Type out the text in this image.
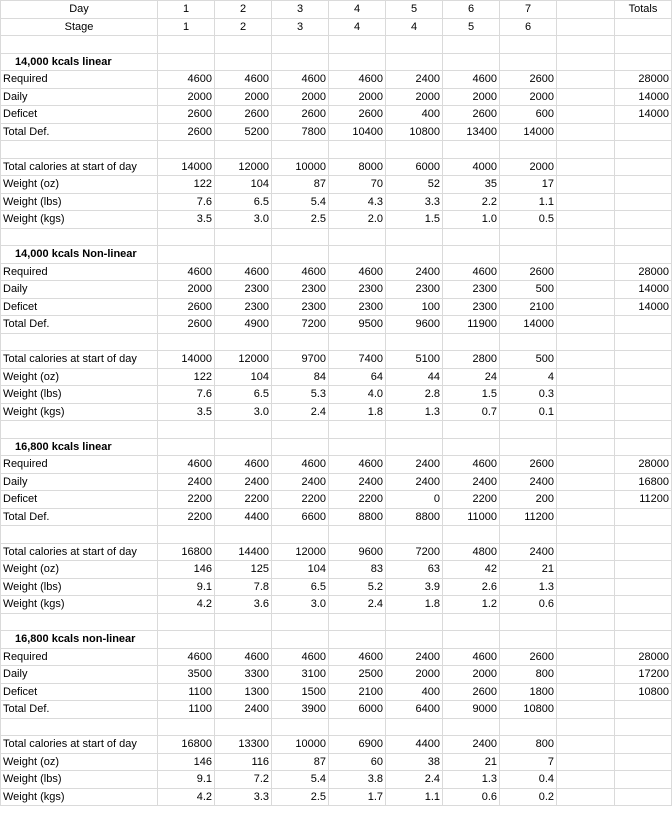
Day	1	2	3	4	5	6	7		Totals
Stage	1	2	3	4	4	5	6		

14,000 kcals linear									
Required	4600	4600	4600	4600	2400	4600	2600		28000
Daily	2000	2000	2000	2000	2000	2000	2000		14000
Deficet	2600	2600	2600	2600	400	2600	600		14000
Total Def.	2600	5200	7800	10400	10800	13400	14000		

Total calories at start of day	14000	12000	10000	8000	6000	4000	2000		
Weight (oz)	122	104	87	70	52	35	17		
Weight (lbs)	7.6	6.5	5.4	4.3	3.3	2.2	1.1		
Weight (kgs)	3.5	3.0	2.5	2.0	1.5	1.0	0.5		

14,000 kcals Non-linear									
Required	4600	4600	4600	4600	2400	4600	2600		28000
Daily	2000	2300	2300	2300	2300	2300	500		14000
Deficet	2600	2300	2300	2300	100	2300	2100		14000
Total Def.	2600	4900	7200	9500	9600	11900	14000		

Total calories at start of day	14000	12000	9700	7400	5100	2800	500		
Weight (oz)	122	104	84	64	44	24	4		
Weight (lbs)	7.6	6.5	5.3	4.0	2.8	1.5	0.3		
Weight (kgs)	3.5	3.0	2.4	1.8	1.3	0.7	0.1		

16,800 kcals linear									
Required	4600	4600	4600	4600	2400	4600	2600		28000
Daily	2400	2400	2400	2400	2400	2400	2400		16800
Deficet	2200	2200	2200	2200	0	2200	200		11200
Total Def.	2200	4400	6600	8800	8800	11000	11200		

Total calories at start of day	16800	14400	12000	9600	7200	4800	2400		
Weight (oz)	146	125	104	83	63	42	21		
Weight (lbs)	9.1	7.8	6.5	5.2	3.9	2.6	1.3		
Weight (kgs)	4.2	3.6	3.0	2.4	1.8	1.2	0.6		

16,800 kcals non-linear									
Required	4600	4600	4600	4600	2400	4600	2600		28000
Daily	3500	3300	3100	2500	2000	2000	800		17200
Deficet	1100	1300	1500	2100	400	2600	1800		10800
Total Def.	1100	2400	3900	6000	6400	9000	10800		

Total calories at start of day	16800	13300	10000	6900	4400	2400	800		
Weight (oz)	146	116	87	60	38	21	7		
Weight (lbs)	9.1	7.2	5.4	3.8	2.4	1.3	0.4		
Weight (kgs)	4.2	3.3	2.5	1.7	1.1	0.6	0.2		
